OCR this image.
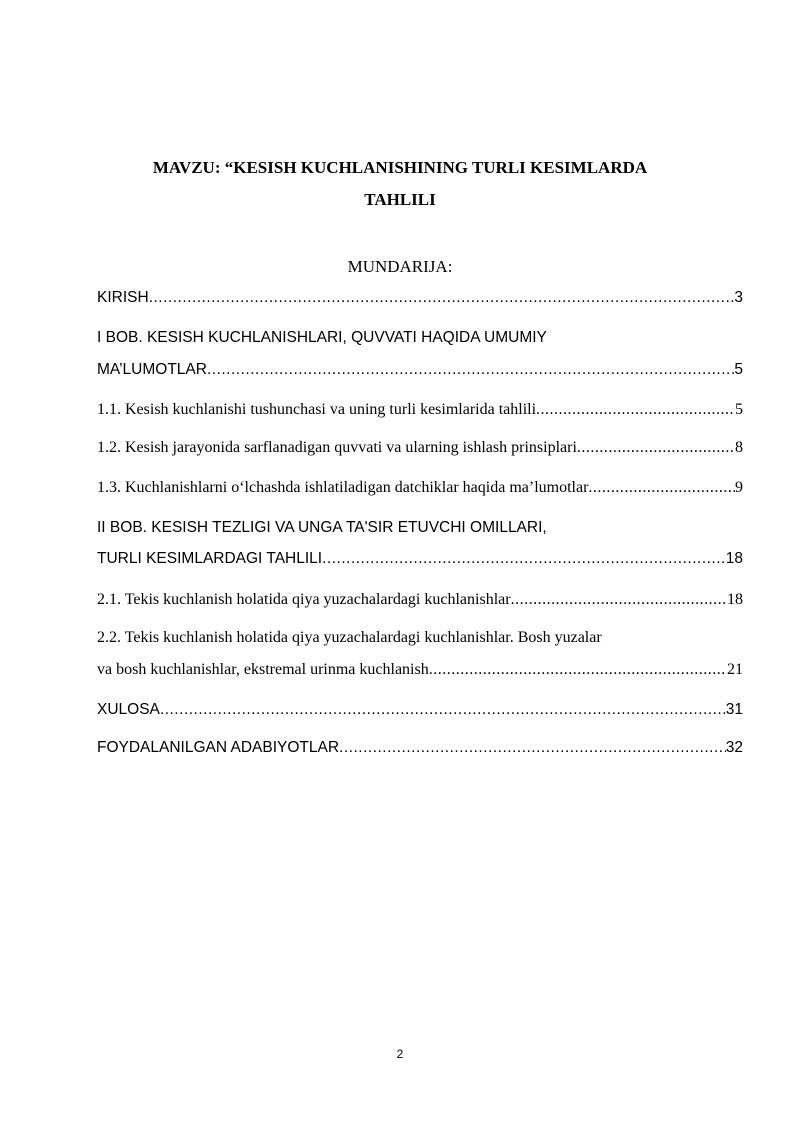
MAVZU: “KESISH KUCHLANISHINING TURLI KESIMLARDA
TAHLILI
MUNDARIJA:
KIRISH .....	3
I BOB. KESISH KUCHLANISHLARI, QUVVATI HAQIDA UMUMIY
MA’LUMOTLAR .....	5
1.1. Kesish kuchlanishi tushunchasi va uning turli kesimlarida tahlili .....	5
1.2. Kesish jarayonida sarflanadigan quvvati va ularning ishlash prinsiplari .....	8
1.3. Kuchlanishlarni oʻlchashda ishlatiladigan datchiklar haqida maʼlumotlar .....	9
II BOB. KESISH TEZLIGI VA UNGA TA'SIR ETUVCHI OMILLARI,
TURLI KESIMLARDAGI TAHLILI .....	18
2.1. Tekis kuchlanish holatida qiya yuzachalardagi kuchlanishlar .....	18
2.2. Tekis kuchlanish holatida qiya yuzachalardagi kuchlanishlar. Bosh yuzalar
va bosh kuchlanishlar, ekstremal urinma kuchlanish .....	21
XULOSA .....	31
FOYDALANILGAN ADABIYOTLAR .....	32
2
